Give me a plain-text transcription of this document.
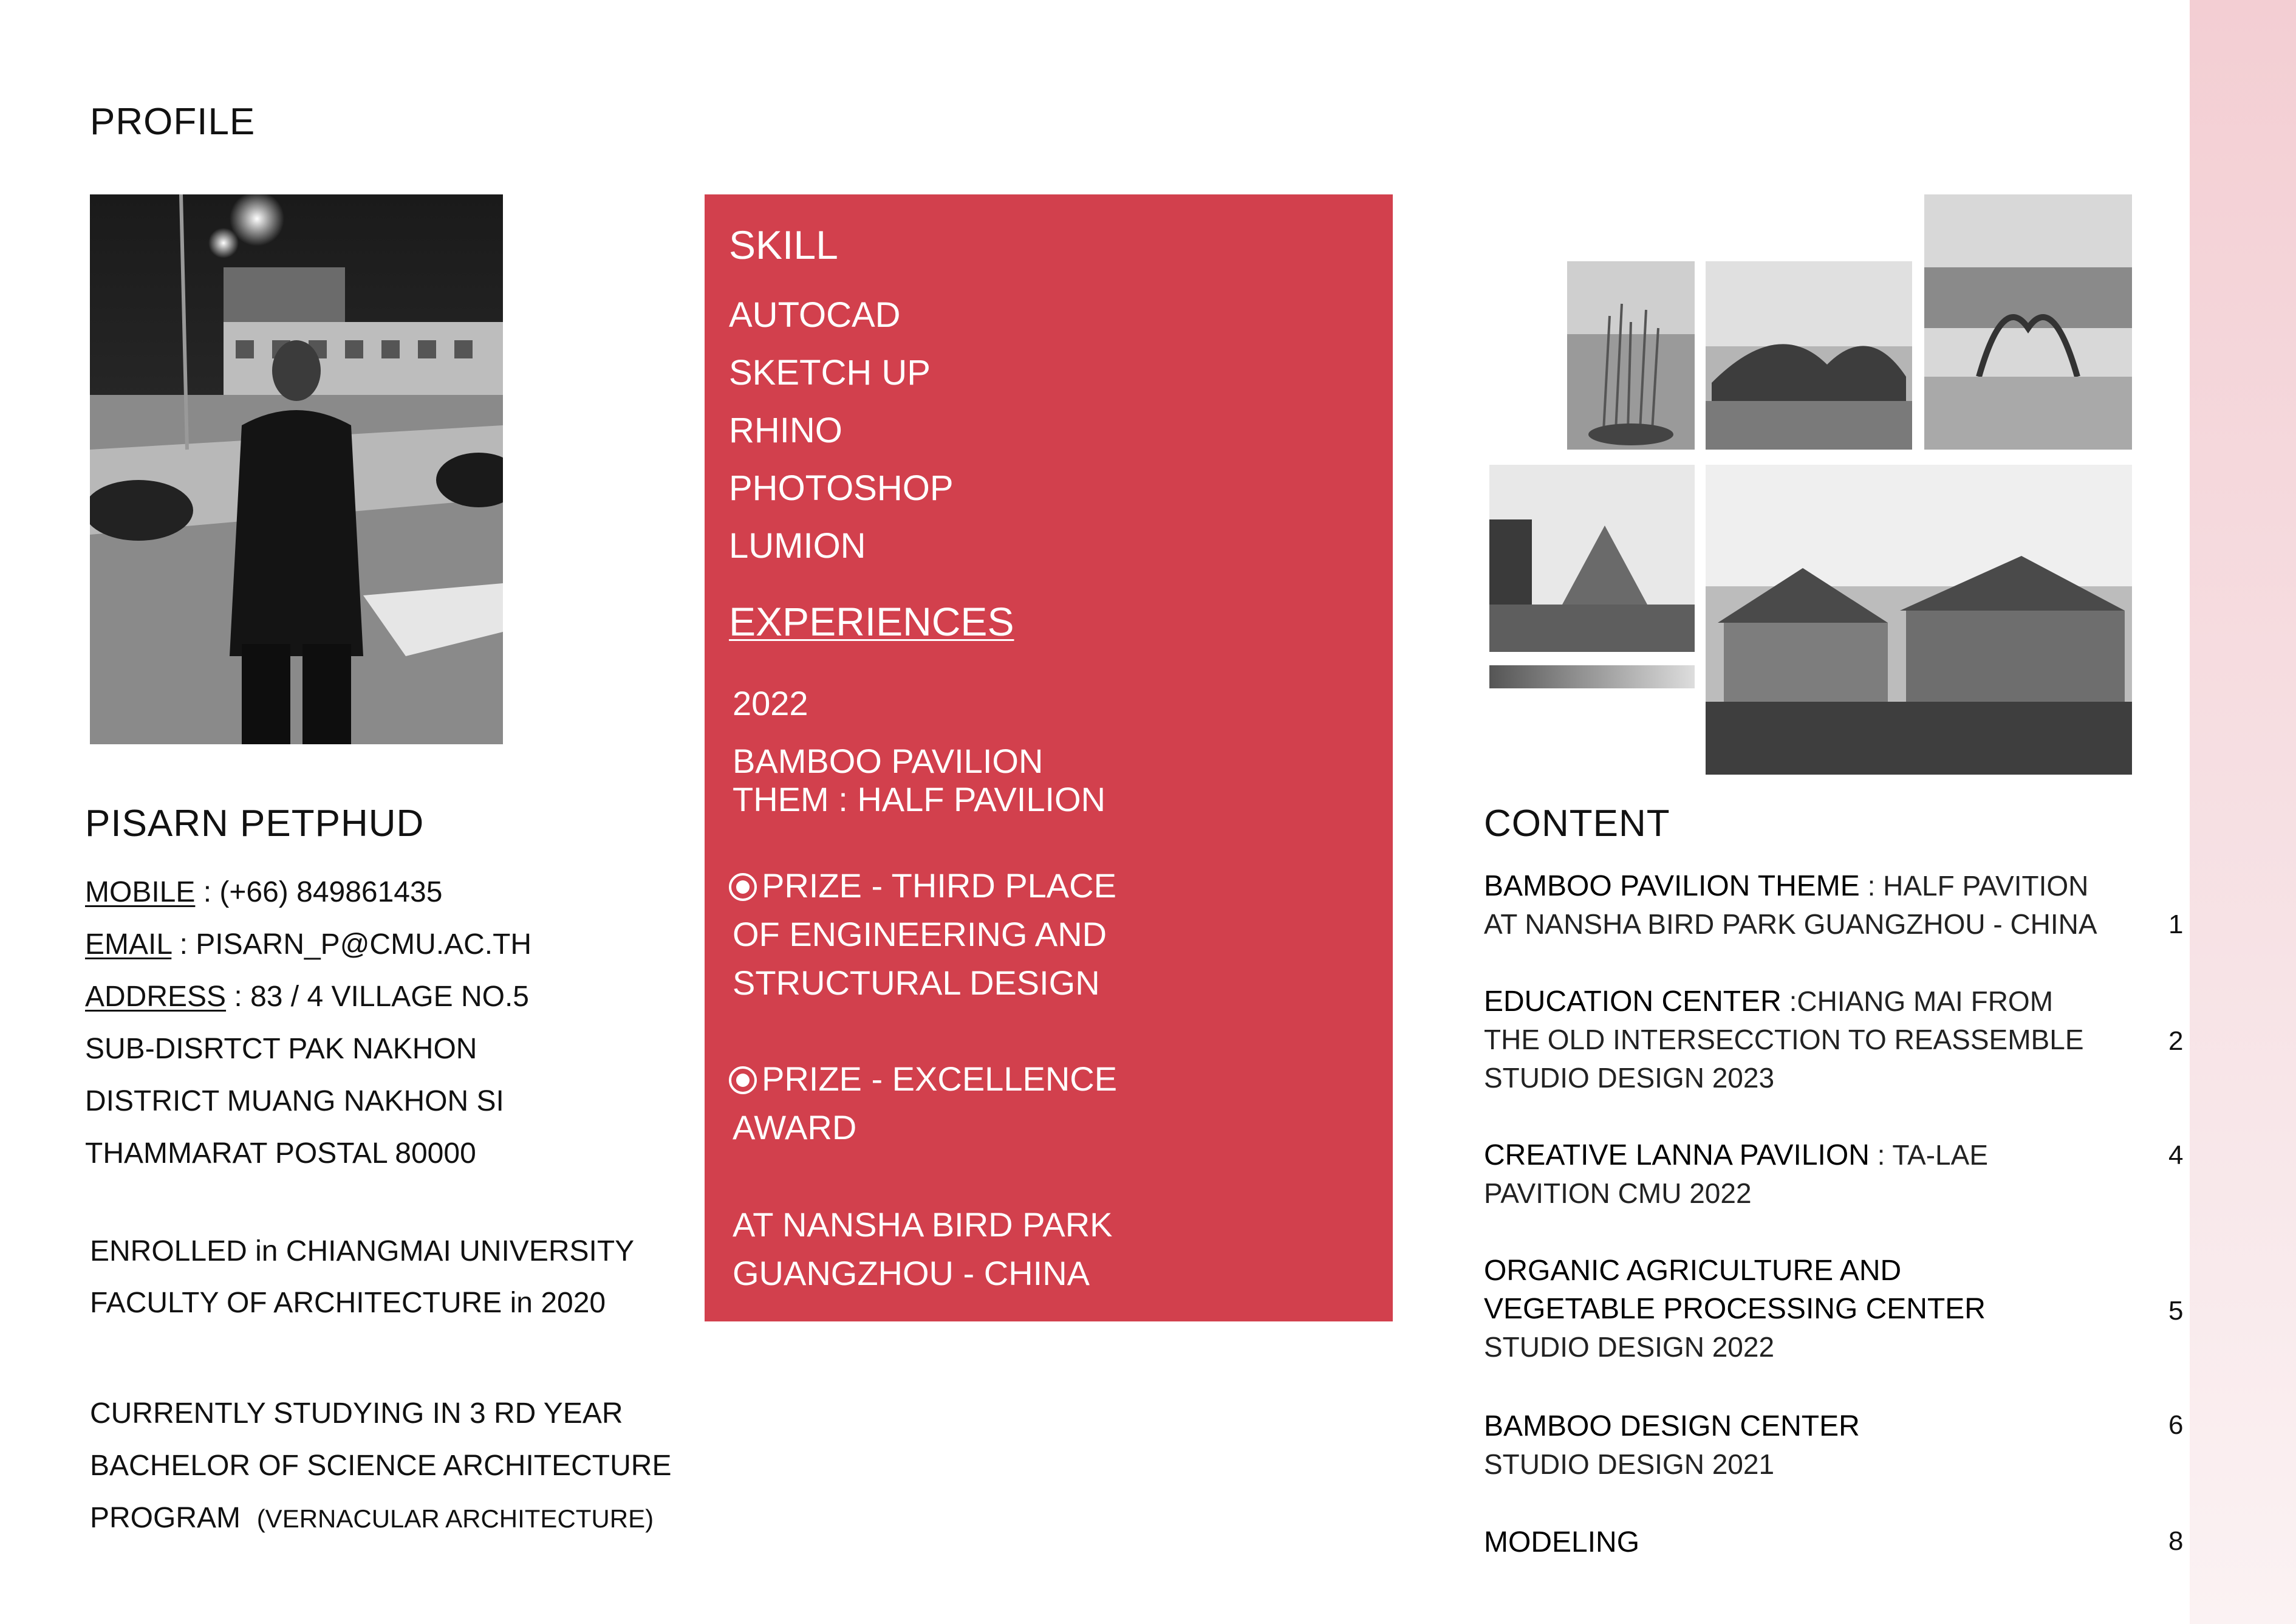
PROFILE
PISARN PETPHUD
MOBILE : (+66) 849861435
EMAIL : PISARN_P@CMU.AC.TH
ADDRESS : 83 / 4 VILLAGE NO.5
SUB-DISRTCT PAK NAKHON
DISTRICT MUANG NAKHON SI
THAMMARAT POSTAL 80000
ENROLLED in CHIANGMAI UNIVERSITY
FACULTY OF ARCHITECTURE in 2020
CURRENTLY STUDYING IN 3 RD YEAR
BACHELOR OF SCIENCE ARCHITECTURE
PROGRAM (VERNACULAR ARCHITECTURE)
SKILL
AUTOCAD
SKETCH UP
RHINO
PHOTOSHOP
LUMION
EXPERIENCES
2022
BAMBOO PAVILION
THEM : HALF PAVILION
PRIZE - THIRD PLACE
OF ENGINEERING AND
STRUCTURAL DESIGN
PRIZE - EXCELLENCE
AWARD
AT NANSHA BIRD PARK
GUANGZHOU - CHINA
CONTENT
BAMBOO PAVILION THEME : HALF PAVITION
AT NANSHA BIRD PARK GUANGZHOU - CHINA	1
EDUCATION CENTER :CHIANG MAI FROM
THE OLD INTERSECCTION TO REASSEMBLE
STUDIO DESIGN 2023
2
CREATIVE LANNA PAVILION : TA-LAE
PAVITION CMU 2022
4
ORGANIC AGRICULTURE AND
VEGETABLE PROCESSING CENTER
STUDIO DESIGN 2022
5
BAMBOO DESIGN CENTER
STUDIO DESIGN 2021
6
MODELING	8
